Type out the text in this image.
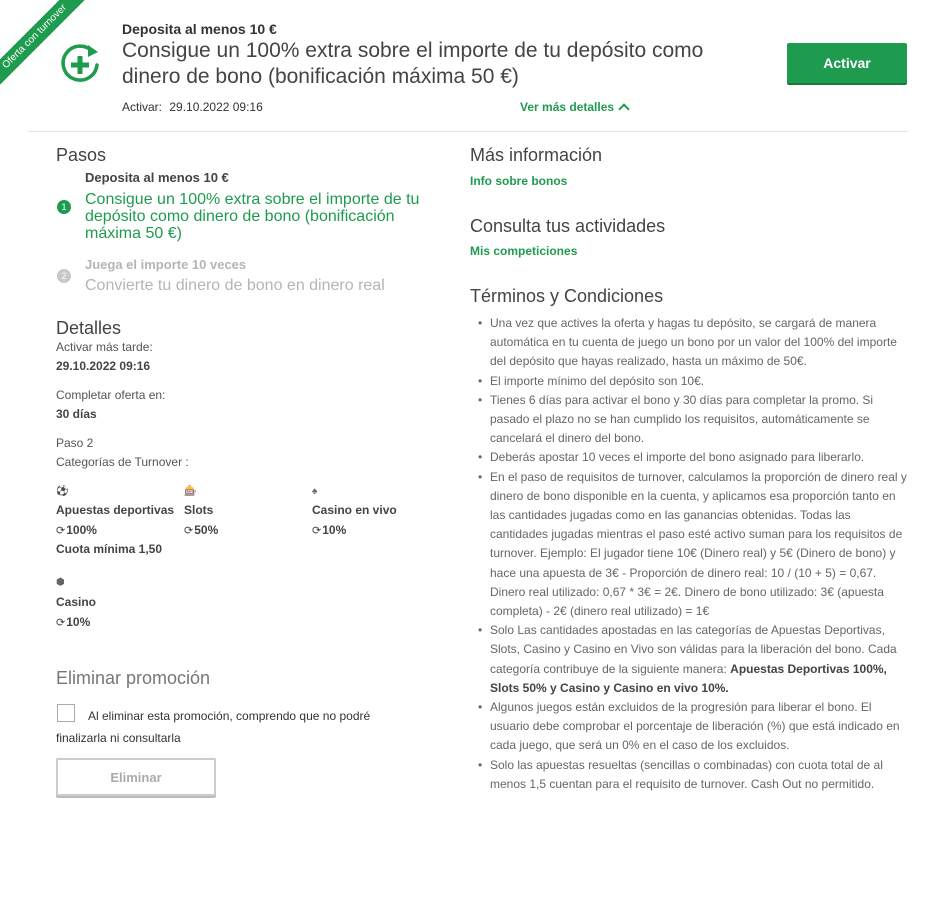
Oferta con turnover	Deposita al menos 10 €
Consigue un 100% extra sobre el importe de tu depósito como dinero de bono (bonificación máxima 50 €)
Activar: 29.10.2022 09:16	Ver más detalles
Activar
Pasos
Deposita al menos 10 €
1 Consigue un 100% extra sobre el importe de tu depósito como dinero de bono (bonificación máxima 50 €)
Juega el importe 10 veces
2
Convierte tu dinero de bono en dinero real
Detalles
Activar más tarde:
29.10.2022 09:16
Completar oferta en:
30 días
Paso 2
Categorías de Turnover :
⚽
Apuestas deportivas
⟳100%
Cuota mínima 1,50
🎰
Slots
⟳50%
♠
Casino en vivo
⟳10%
⬢
Casino
⟳10%
Eliminar promoción
Al eliminar esta promoción, comprendo que no podré finalizarla ni consultarla
Eliminar
Más información
Info sobre bonos
Consulta tus actividades
Mis competiciones
Términos y Condiciones
• Una vez que actives la oferta y hagas tu depósito, se cargará de manera automática en tu cuenta de juego un bono por un valor del 100% del importe del depósito que hayas realizado, hasta un máximo de 50€.
• El importe mínimo del depósito son 10€.
• Tienes 6 días para activar el bono y 30 días para completar la promo. Si pasado el plazo no se han cumplido los requisitos, automáticamente se cancelará el dinero del bono.
• Deberás apostar 10 veces el importe del bono asignado para liberarlo.
• En el paso de requisitos de turnover, calculamos la proporción de dinero real y dinero de bono disponible en la cuenta, y aplicamos esa proporción tanto en las cantidades jugadas como en las ganancias obtenidas. Todas las cantidades jugadas mientras el paso esté activo suman para los requisitos de turnover. Ejemplo: El jugador tiene 10€ (Dinero real) y 5€ (Dinero de bono) y hace una apuesta de 3€ - Proporción de dinero real: 10 / (10 + 5) = 0,67. Dinero real utilizado: 0,67 * 3€ = 2€. Dinero de bono utilizado: 3€ (apuesta completa) - 2€ (dinero real utilizado) = 1€
• Solo Las cantidades apostadas en las categorías de Apuestas Deportivas, Slots, Casino y Casino en Vivo son válidas para la liberación del bono. Cada categoría contribuye de la siguiente manera: Apuestas Deportivas 100%, Slots 50% y Casino y Casino en vivo 10%.
• Algunos juegos están excluidos de la progresión para liberar el bono. El usuario debe comprobar el porcentaje de liberación (%) que está indicado en cada juego, que será un 0% en el caso de los excluidos.
• Solo las apuestas resueltas (sencillas o combinadas) con cuota total de al menos 1,5 cuentan para el requisito de turnover. Cash Out no permitido.
